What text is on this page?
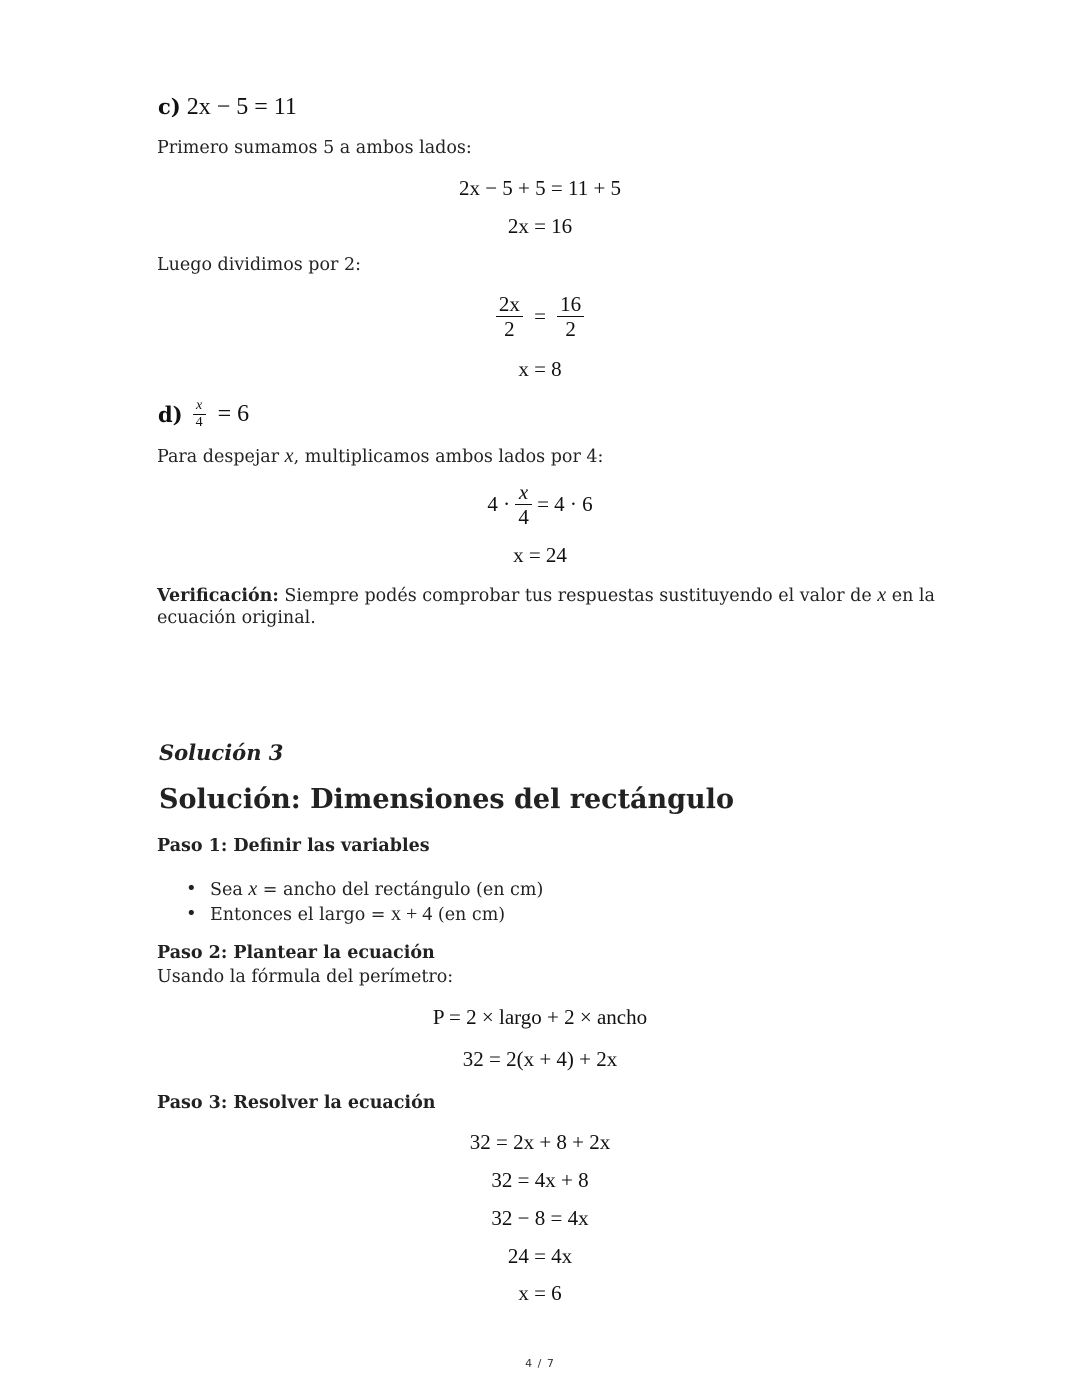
c) 2x − 5 = 11
Primero sumamos 5 a ambos lados:
2x − 5 + 5 = 11 + 5
2x = 16
Luego dividimos por 2:
$\frac{2x}{2} = \frac{16}{2}$
x = 8
$d) \frac{x}{4} = 6$
Para despejar x, multiplicamos ambos lados por 4:
$4 \cdot \frac{x}{4} = 4 \cdot 6$
x = 24
Verificación: Siempre podés comprobar tus respuestas sustituyendo el valor de x en la
ecuación original.
Solución 3
Solución: Dimensiones del rectángulo
Paso 1: Definir las variables
• Sea x = ancho del rectángulo (en cm)
• Entonces el largo = x + 4 (en cm)
Paso 2: Plantear la ecuación
Usando la fórmula del perímetro:
P = 2 × largo + 2 × ancho
32 = 2(x + 4) + 2x
Paso 3: Resolver la ecuación
32 = 2x + 8 + 2x
32 = 4x + 8
32 − 8 = 4x
24 = 4x
x = 6
4 / 7
